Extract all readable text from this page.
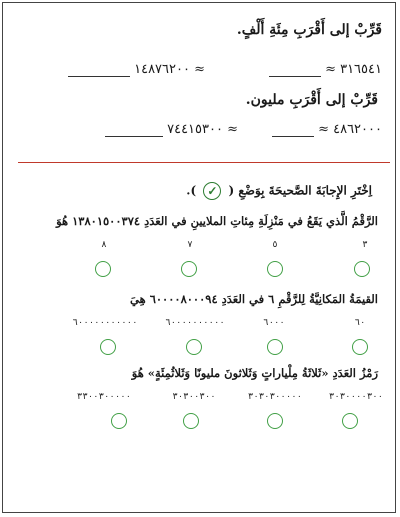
قَرِّبْ إلى أَقْرَبِ مِئَةِ أَلْفٍ.
٣١٦٥٤١ ≈
≈ ١٤٨٧٦٢٠٠
قَرِّبْ إلى أَقْرَبِ مليون.
٤٨٦٢٠٠٠ ≈
≈ ٧٤٤١٥٣٠٠
اِخْتَرِ الإِجابَةَ الصَّحيحَةَ بِوَضْعِ ( ✓ ).
الرَّقْمُ الَّذي يَقَعُ في مَنْزِلَةِ مِئاتِ الملايينِ في العَدَدِ ١٣٨٠١٥٠٠٣٧٤ هُوَ
٣
٥
٧
٨
القيمَةُ المَكانِيَّةُ لِلرَّقْمِ ٦ في العَدَدِ ٦٠٠٠٠٨٠٠٠٩٤ هِيَ
٦٠
٦٠٠٠
٦٠٠٠٠٠٠٠٠٠٠
٦٠٠٠٠٠٠٠٠٠٠٠
رَمْزُ العَدَدِ «ثَلاثَةُ مِلْياراتٍ وَثَلاثونَ مليونًا وَثَلاثُمِئَةٍ» هُوَ
٣٠٣٠٠٠٠٣٠٠
٣٠٣٠٣٠٠٠٠٠
٣٠٣٠٠٣٠٠
٣٣٠٠٣٠٠٠٠٠
